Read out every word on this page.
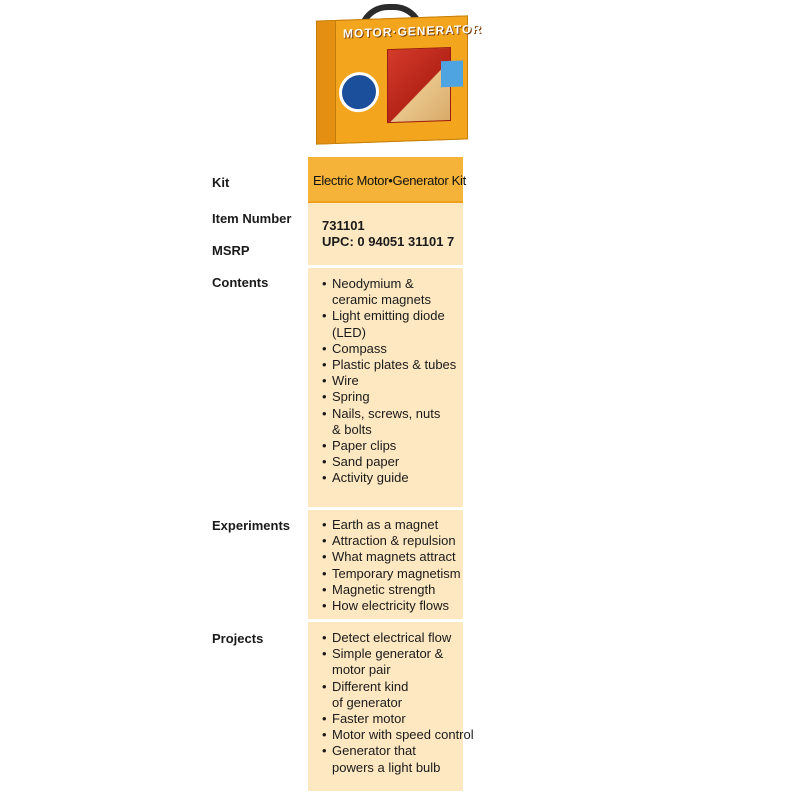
MOTOR·GENERATOR
Kit
Item Number
MSRP
Contents
Experiments
Projects
Electric Motor•Generator Kit
731101
UPC: 0 94051 31101 7
• Neodymium &
ceramic magnets
• Light emitting diode
(LED)
• Compass
• Plastic plates & tubes
• Wire
• Spring
• Nails, screws, nuts
& bolts
• Paper clips
• Sand paper
• Activity guide
• Earth as a magnet
• Attraction & repulsion
• What magnets attract
• Temporary magnetism
• Magnetic strength
• How electricity flows
• Detect electrical flow
• Simple generator &
motor pair
• Different kind
of generator
• Faster motor
• Motor with speed control
• Generator that
powers a light bulb
